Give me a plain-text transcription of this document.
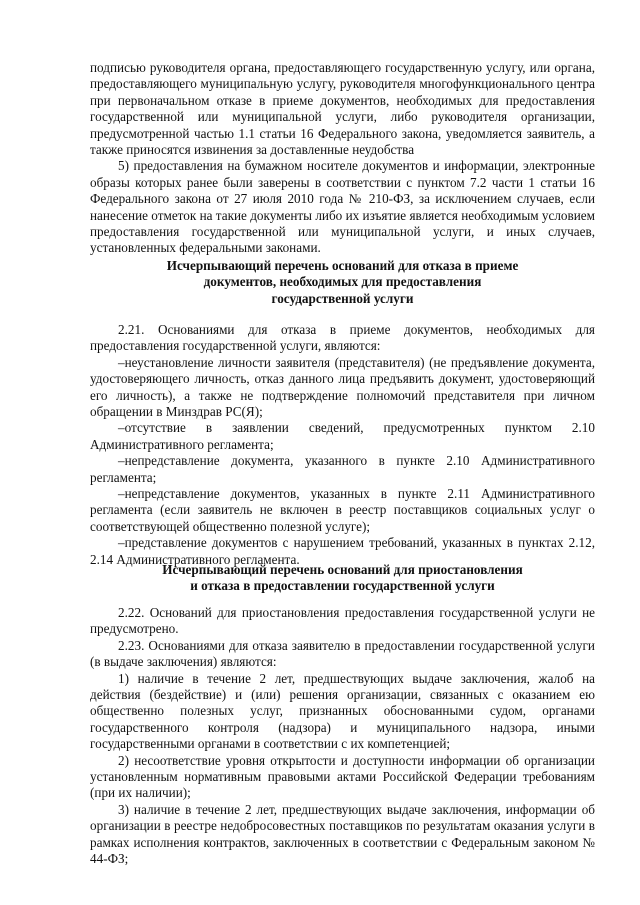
подписью руководителя органа, предоставляющего государственную услугу, или органа, предоставляющего муниципальную услугу, руководителя многофункционального центра при первоначальном отказе в приеме документов, необходимых для предоставления государственной или муниципальной услуги, либо руководителя организации, предусмотренной частью 1.1 статьи 16 Федерального закона, уведомляется заявитель, а также приносятся извинения за доставленные неудобства

5) предоставления на бумажном носителе документов и информации, электронные образы которых ранее были заверены в соответствии с пунктом 7.2 части 1 статьи 16 Федерального закона от 27 июля 2010 года № 210-ФЗ, за исключением случаев, если нанесение отметок на такие документы либо их изъятие является необходимым условием предоставления государственной или муниципальной услуги, и иных случаев, установленных федеральными законами.

Исчерпывающий перечень оснований для отказа в приеме

документов, необходимых для предоставления

государственной услуги

2.21. Основаниями для отказа в приеме документов, необходимых для предоставления государственной услуги, являются:

–неустановление личности заявителя (представителя) (не предъявление документа, удостоверяющего личность, отказ данного лица предъявить документ, удостоверяющий его личность), а также не подтверждение полномочий представителя при личном обращении в Минздрав РС(Я);

–отсутствие в заявлении сведений, предусмотренных пунктом 2.10 Административного регламента;

–непредставление документа, указанного в пункте 2.10 Административного регламента;

–непредставление документов, указанных в пункте 2.11 Административного регламента (если заявитель не включен в реестр поставщиков социальных услуг о соответствующей общественно полезной услуге);

–представление документов с нарушением требований, указанных в пунктах 2.12, 2.14 Административного регламента.

Исчерпывающий перечень оснований для приостановления

и отказа в предоставлении государственной услуги

2.22. Оснований для приостановления предоставления государственной услуги не предусмотрено.

2.23. Основаниями для отказа заявителю в предоставлении государственной услуги (в выдаче заключения) являются:

1) наличие в течение 2 лет, предшествующих выдаче заключения, жалоб на действия (бездействие) и (или) решения организации, связанных с оказанием ею общественно полезных услуг, признанных обоснованными судом, органами государственного контроля (надзора) и муниципального надзора, иными государственными органами в соответствии с их компетенцией;

2) несоответствие уровня открытости и доступности информации об организации установленным нормативным правовыми актами Российской Федерации требованиям (при их наличии);

3) наличие в течение 2 лет, предшествующих выдаче заключения, информации об организации в реестре недобросовестных поставщиков по результатам оказания услуги в рамках исполнения контрактов, заключенных в соответствии с Федеральным законом № 44-ФЗ;
